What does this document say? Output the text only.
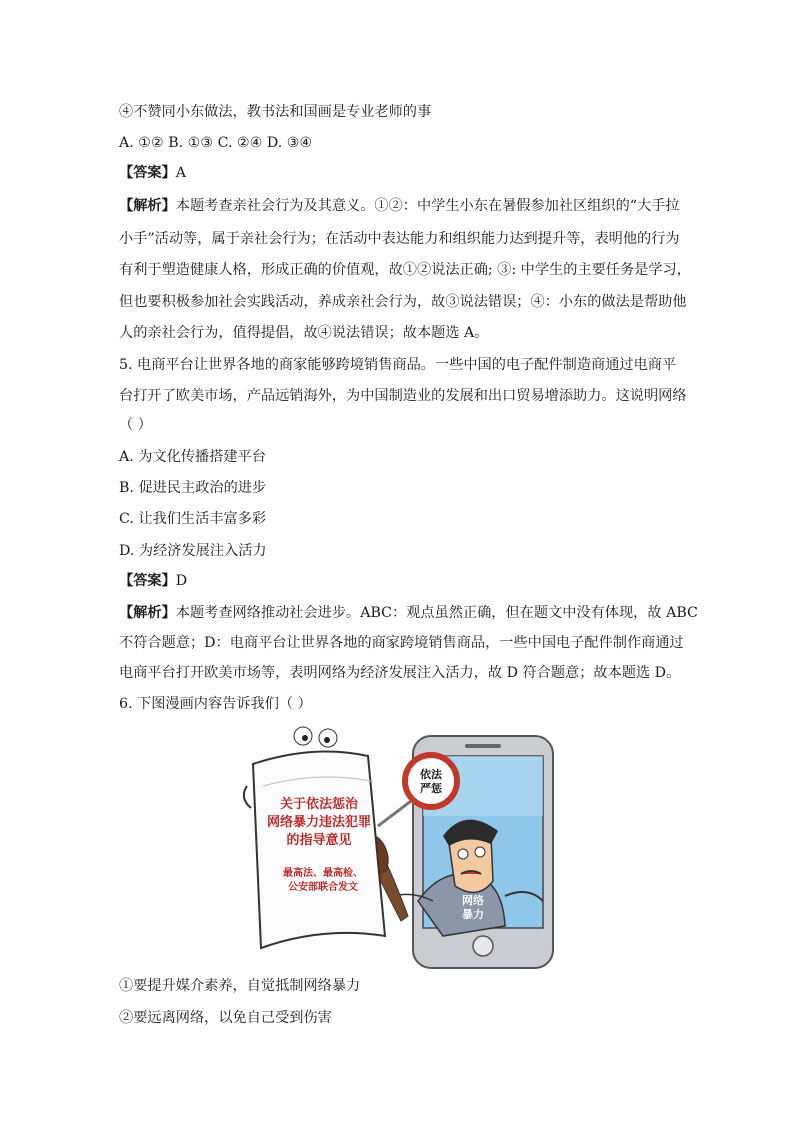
④不赞同小东做法，教书法和国画是专业老师的事
A. ①② B. ①③ C. ②④ D. ③④
【答案】A
【解析】本题考查亲社会行为及其意义。①②：中学生小东在暑假参加社区组织的“大手拉
小手”活动等，属于亲社会行为；在活动中表达能力和组织能力达到提升等，表明他的行为
有利于塑造健康人格，形成正确的价值观，故①②说法正确; ③: 中学生的主要任务是学习，
但也要积极参加社会实践活动，养成亲社会行为，故③说法错误；④：小东的做法是帮助他
人的亲社会行为，值得提倡，故④说法错误；故本题选 A。
5. 电商平台让世界各地的商家能够跨境销售商品。一些中国的电子配件制造商通过电商平
台打开了欧美市场，产品远销海外，为中国制造业的发展和出口贸易增添助力。这说明网络
（ ）
A. 为文化传播搭建平台
B. 促进民主政治的进步
C. 让我们生活丰富多彩
D. 为经济发展注入活力
【答案】D
【解析】本题考查网络推动社会进步。ABC：观点虽然正确，但在题文中没有体现，故 ABC
不符合题意；D：电商平台让世界各地的商家跨境销售商品，一些中国电子配件制作商通过
电商平台打开欧美市场等，表明网络为经济发展注入活力，故 D 符合题意；故本题选 D。
6. 下图漫画内容告诉我们（ ）
网络
暴力
关于依法惩治
网络暴力违法犯罪
的指导意见
最高法、最高检、
公安部联合发文
依法
严惩
①要提升媒介素养，自觉抵制网络暴力
②要远离网络，以免自己受到伤害
